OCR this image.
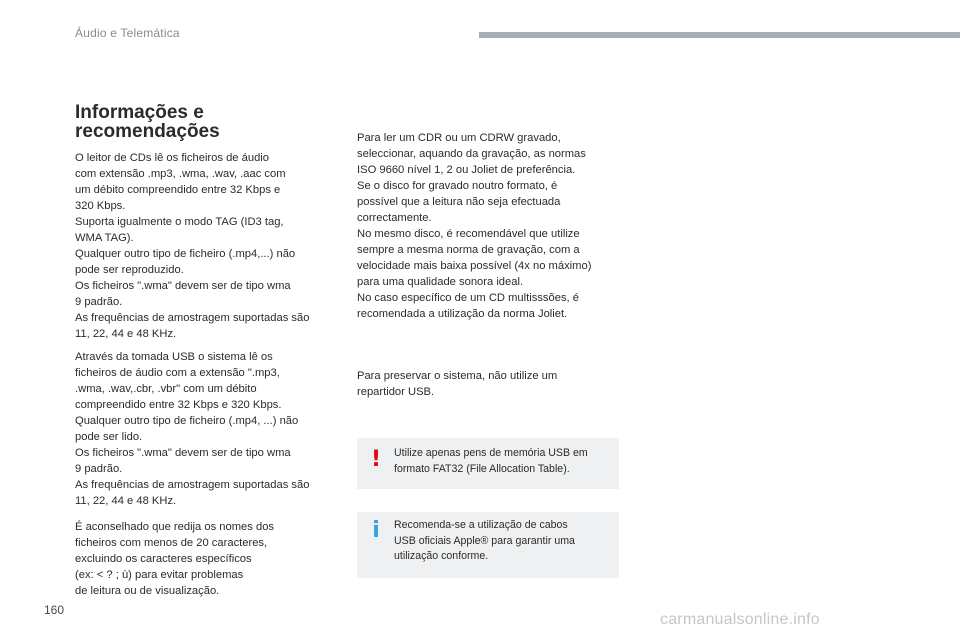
Áudio e Telemática
Informações e
recomendações

O leitor de CDs lê os ficheiros de áudio
com extensão .mp3, .wma, .wav, .aac com
um débito compreendido entre 32 Kbps e
320 Kbps.
Suporta igualmente o modo TAG (ID3 tag,
WMA TAG).
Qualquer outro tipo de ficheiro (.mp4,...) não
pode ser reproduzido.
Os ficheiros ".wma" devem ser de tipo wma
9 padrão.
As frequências de amostragem suportadas são
11, 22, 44 e 48 KHz.

Através da tomada USB o sistema lê os
ficheiros de áudio com a extensão ".mp3,
.wma, .wav,.cbr, .vbr" com um débito
compreendido entre 32 Kbps e 320 Kbps.
Qualquer outro tipo de ficheiro (.mp4, ...) não
pode ser lido.
Os ficheiros ".wma" devem ser de tipo wma
9 padrão.
As frequências de amostragem suportadas são
11, 22, 44 e 48 KHz.

É aconselhado que redija os nomes dos
ficheiros com menos de 20 caracteres,
excluindo os caracteres específicos
(ex: < ? ; ù) para evitar problemas
de leitura ou de visualização.

Para ler um CDR ou um CDRW gravado,
seleccionar, aquando da gravação, as normas
ISO 9660 nível 1, 2 ou Joliet de preferência.
Se o disco for gravado noutro formato, é
possível que a leitura não seja efectuada
correctamente.
No mesmo disco, é recomendável que utilize
sempre a mesma norma de gravação, com a
velocidade mais baixa possível (4x no máximo)
para uma qualidade sonora ideal.
No caso específico de um CD multisssões, é
recomendada a utilização da norma Joliet.

Para preservar o sistema, não utilize um
repartidor USB.

! Utilize apenas pens de memória USB em
formato FAT32 (File Allocation Table).
i	Recomenda-se a utilização de cabos
USB oficiais Apple® para garantir uma
utilização conforme.
160
carmanualsonline.info
